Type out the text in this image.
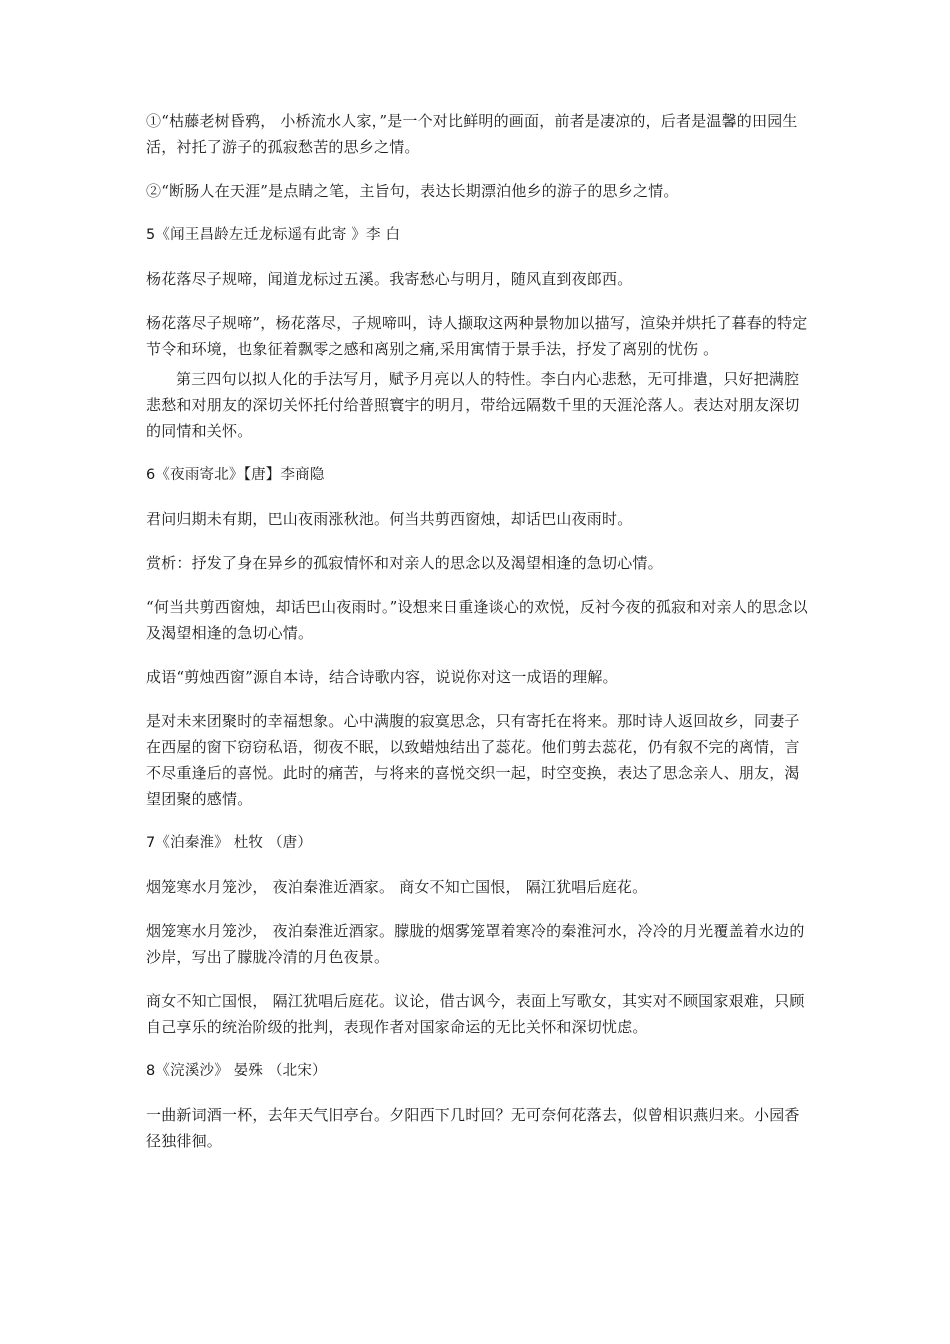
①“枯藤老树昏鸦， 小桥流水人家，”是一个对比鲜明的画面，前者是凄凉的，后者是温馨的田园生活，衬托了游子的孤寂愁苦的思乡之情。

②“断肠人在天涯”是点睛之笔，主旨句，表达长期漂泊他乡的游子的思乡之情。

5《闻王昌龄左迁龙标遥有此寄 》李 白

杨花落尽子规啼，闻道龙标过五溪。我寄愁心与明月，随风直到夜郎西。

杨花落尽子规啼”，杨花落尽，子规啼叫，诗人撷取这两种景物加以描写，渲染并烘托了暮春的特定节令和环境，也象征着飘零之感和离别之痛,采用寓情于景手法，抒发了离别的忧伤 。

第三四句以拟人化的手法写月，赋予月亮以人的特性。李白内心悲愁，无可排遣，只好把满腔悲愁和对朋友的深切关怀托付给普照寰宇的明月，带给远隔数千里的天涯沦落人。表达对朋友深切的同情和关怀。

6《夜雨寄北》【唐】李商隐

君问归期未有期，巴山夜雨涨秋池。何当共剪西窗烛，却话巴山夜雨时。

赏析：抒发了身在异乡的孤寂情怀和对亲人的思念以及渴望相逢的急切心情。

“何当共剪西窗烛，却话巴山夜雨时。”设想来日重逢谈心的欢悦，反衬今夜的孤寂和对亲人的思念以及渴望相逢的急切心情。

成语“剪烛西窗”源自本诗，结合诗歌内容，说说你对这一成语的理解。

是对未来团聚时的幸福想象。心中满腹的寂寞思念，只有寄托在将来。那时诗人返回故乡，同妻子在西屋的窗下窃窃私语，彻夜不眠，以致蜡烛结出了蕊花。他们剪去蕊花，仍有叙不完的离情，言不尽重逢后的喜悦。此时的痛苦，与将来的喜悦交织一起，时空变换，表达了思念亲人、朋友，渴望团聚的感情。

7《泊秦淮》 杜牧 （唐）

烟笼寒水月笼沙， 夜泊秦淮近酒家。 商女不知亡国恨， 隔江犹唱后庭花。

烟笼寒水月笼沙， 夜泊秦淮近酒家。朦胧的烟雾笼罩着寒冷的秦淮河水，冷冷的月光覆盖着水边的沙岸，写出了朦胧冷清的月色夜景。

商女不知亡国恨， 隔江犹唱后庭花。议论，借古讽今，表面上写歌女，其实对不顾国家艰难，只顾自己享乐的统治阶级的批判，表现作者对国家命运的无比关怀和深切忧虑。

8《浣溪沙》 晏殊 （北宋）

一曲新词酒一杯，去年天气旧亭台。夕阳西下几时回？无可奈何花落去，似曾相识燕归来。小园香径独徘徊。
